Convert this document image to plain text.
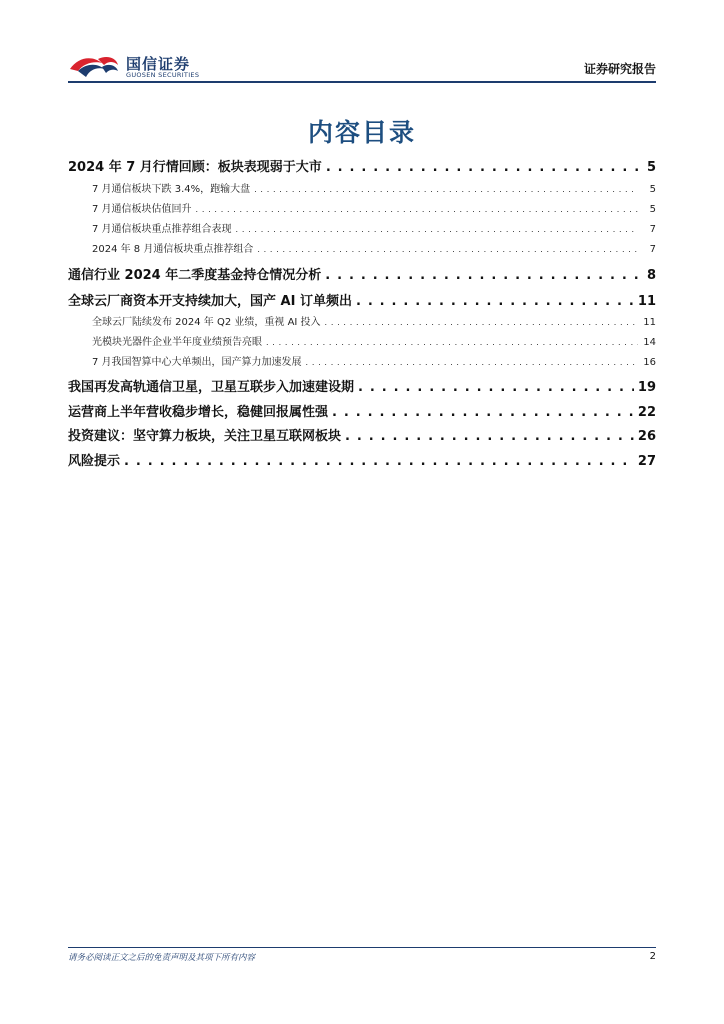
国信证券
GUOSEN SECURITIES	证券研究报告
内容目录
2024 年 7 月行情回顾：板块表现弱于大市 . . .	5
7 月通信板块下跌 3.4%，跑输大盘 . . .	5
7 月通信板块估值回升 . . .	5
7 月通信板块重点推荐组合表现 . . .	7
2024 年 8 月通信板块重点推荐组合 . . .	7
通信行业 2024 年二季度基金持仓情况分析 . . .	8
全球云厂商资本开支持续加大，国产 AI 订单频出 . . .	11
全球云厂陆续发布 2024 年 Q2 业绩，重视 AI 投入 . . .	11
光模块光器件企业半年度业绩预告亮眼 . . .	14
7 月我国智算中心大单频出，国产算力加速发展 . . .	16
我国再发高轨通信卫星，卫星互联步入加速建设期 . . .	19
运营商上半年营收稳步增长，稳健回报属性强 . . .	22
投资建议：坚守算力板块，关注卫星互联网板块 . . .	26
风险提示 . . .	27
请务必阅读正文之后的免责声明及其项下所有内容	2
